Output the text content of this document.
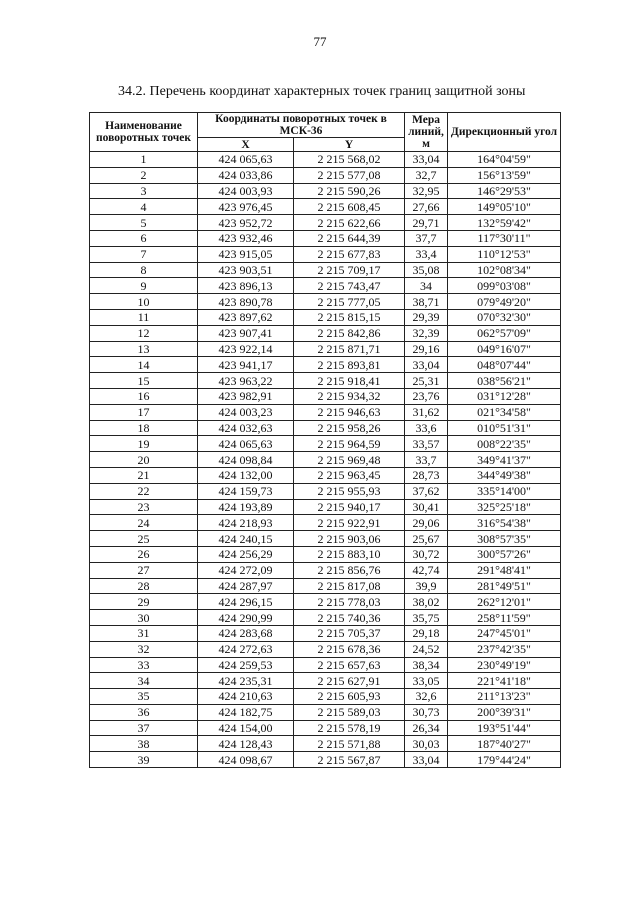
77
34.2. Перечень координат характерных точек границ защитной зоны
Наименование поворотных точек	Координаты поворотных точек в МСК-36		Мера линий, м	Дирекционный угол
	X	Y		
1	424 065,63	2 215 568,02	33,04	164°04'59"
2	424 033,86	2 215 577,08	32,7	156°13'59"
3	424 003,93	2 215 590,26	32,95	146°29'53"
4	423 976,45	2 215 608,45	27,66	149°05'10"
5	423 952,72	2 215 622,66	29,71	132°59'42"
6	423 932,46	2 215 644,39	37,7	117°30'11"
7	423 915,05	2 215 677,83	33,4	110°12'53"
8	423 903,51	2 215 709,17	35,08	102°08'34"
9	423 896,13	2 215 743,47	34	099°03'08"
10	423 890,78	2 215 777,05	38,71	079°49'20"
11	423 897,62	2 215 815,15	29,39	070°32'30"
12	423 907,41	2 215 842,86	32,39	062°57'09"
13	423 922,14	2 215 871,71	29,16	049°16'07"
14	423 941,17	2 215 893,81	33,04	048°07'44"
15	423 963,22	2 215 918,41	25,31	038°56'21"
16	423 982,91	2 215 934,32	23,76	031°12'28"
17	424 003,23	2 215 946,63	31,62	021°34'58"
18	424 032,63	2 215 958,26	33,6	010°51'31"
19	424 065,63	2 215 964,59	33,57	008°22'35"
20	424 098,84	2 215 969,48	33,7	349°41'37"
21	424 132,00	2 215 963,45	28,73	344°49'38"
22	424 159,73	2 215 955,93	37,62	335°14'00"
23	424 193,89	2 215 940,17	30,41	325°25'18"
24	424 218,93	2 215 922,91	29,06	316°54'38"
25	424 240,15	2 215 903,06	25,67	308°57'35"
26	424 256,29	2 215 883,10	30,72	300°57'26"
27	424 272,09	2 215 856,76	42,74	291°48'41"
28	424 287,97	2 215 817,08	39,9	281°49'51"
29	424 296,15	2 215 778,03	38,02	262°12'01"
30	424 290,99	2 215 740,36	35,75	258°11'59"
31	424 283,68	2 215 705,37	29,18	247°45'01"
32	424 272,63	2 215 678,36	24,52	237°42'35"
33	424 259,53	2 215 657,63	38,34	230°49'19"
34	424 235,31	2 215 627,91	33,05	221°41'18"
35	424 210,63	2 215 605,93	32,6	211°13'23"
36	424 182,75	2 215 589,03	30,73	200°39'31"
37	424 154,00	2 215 578,19	26,34	193°51'44"
38	424 128,43	2 215 571,88	30,03	187°40'27"
39	424 098,67	2 215 567,87	33,04	179°44'24"
